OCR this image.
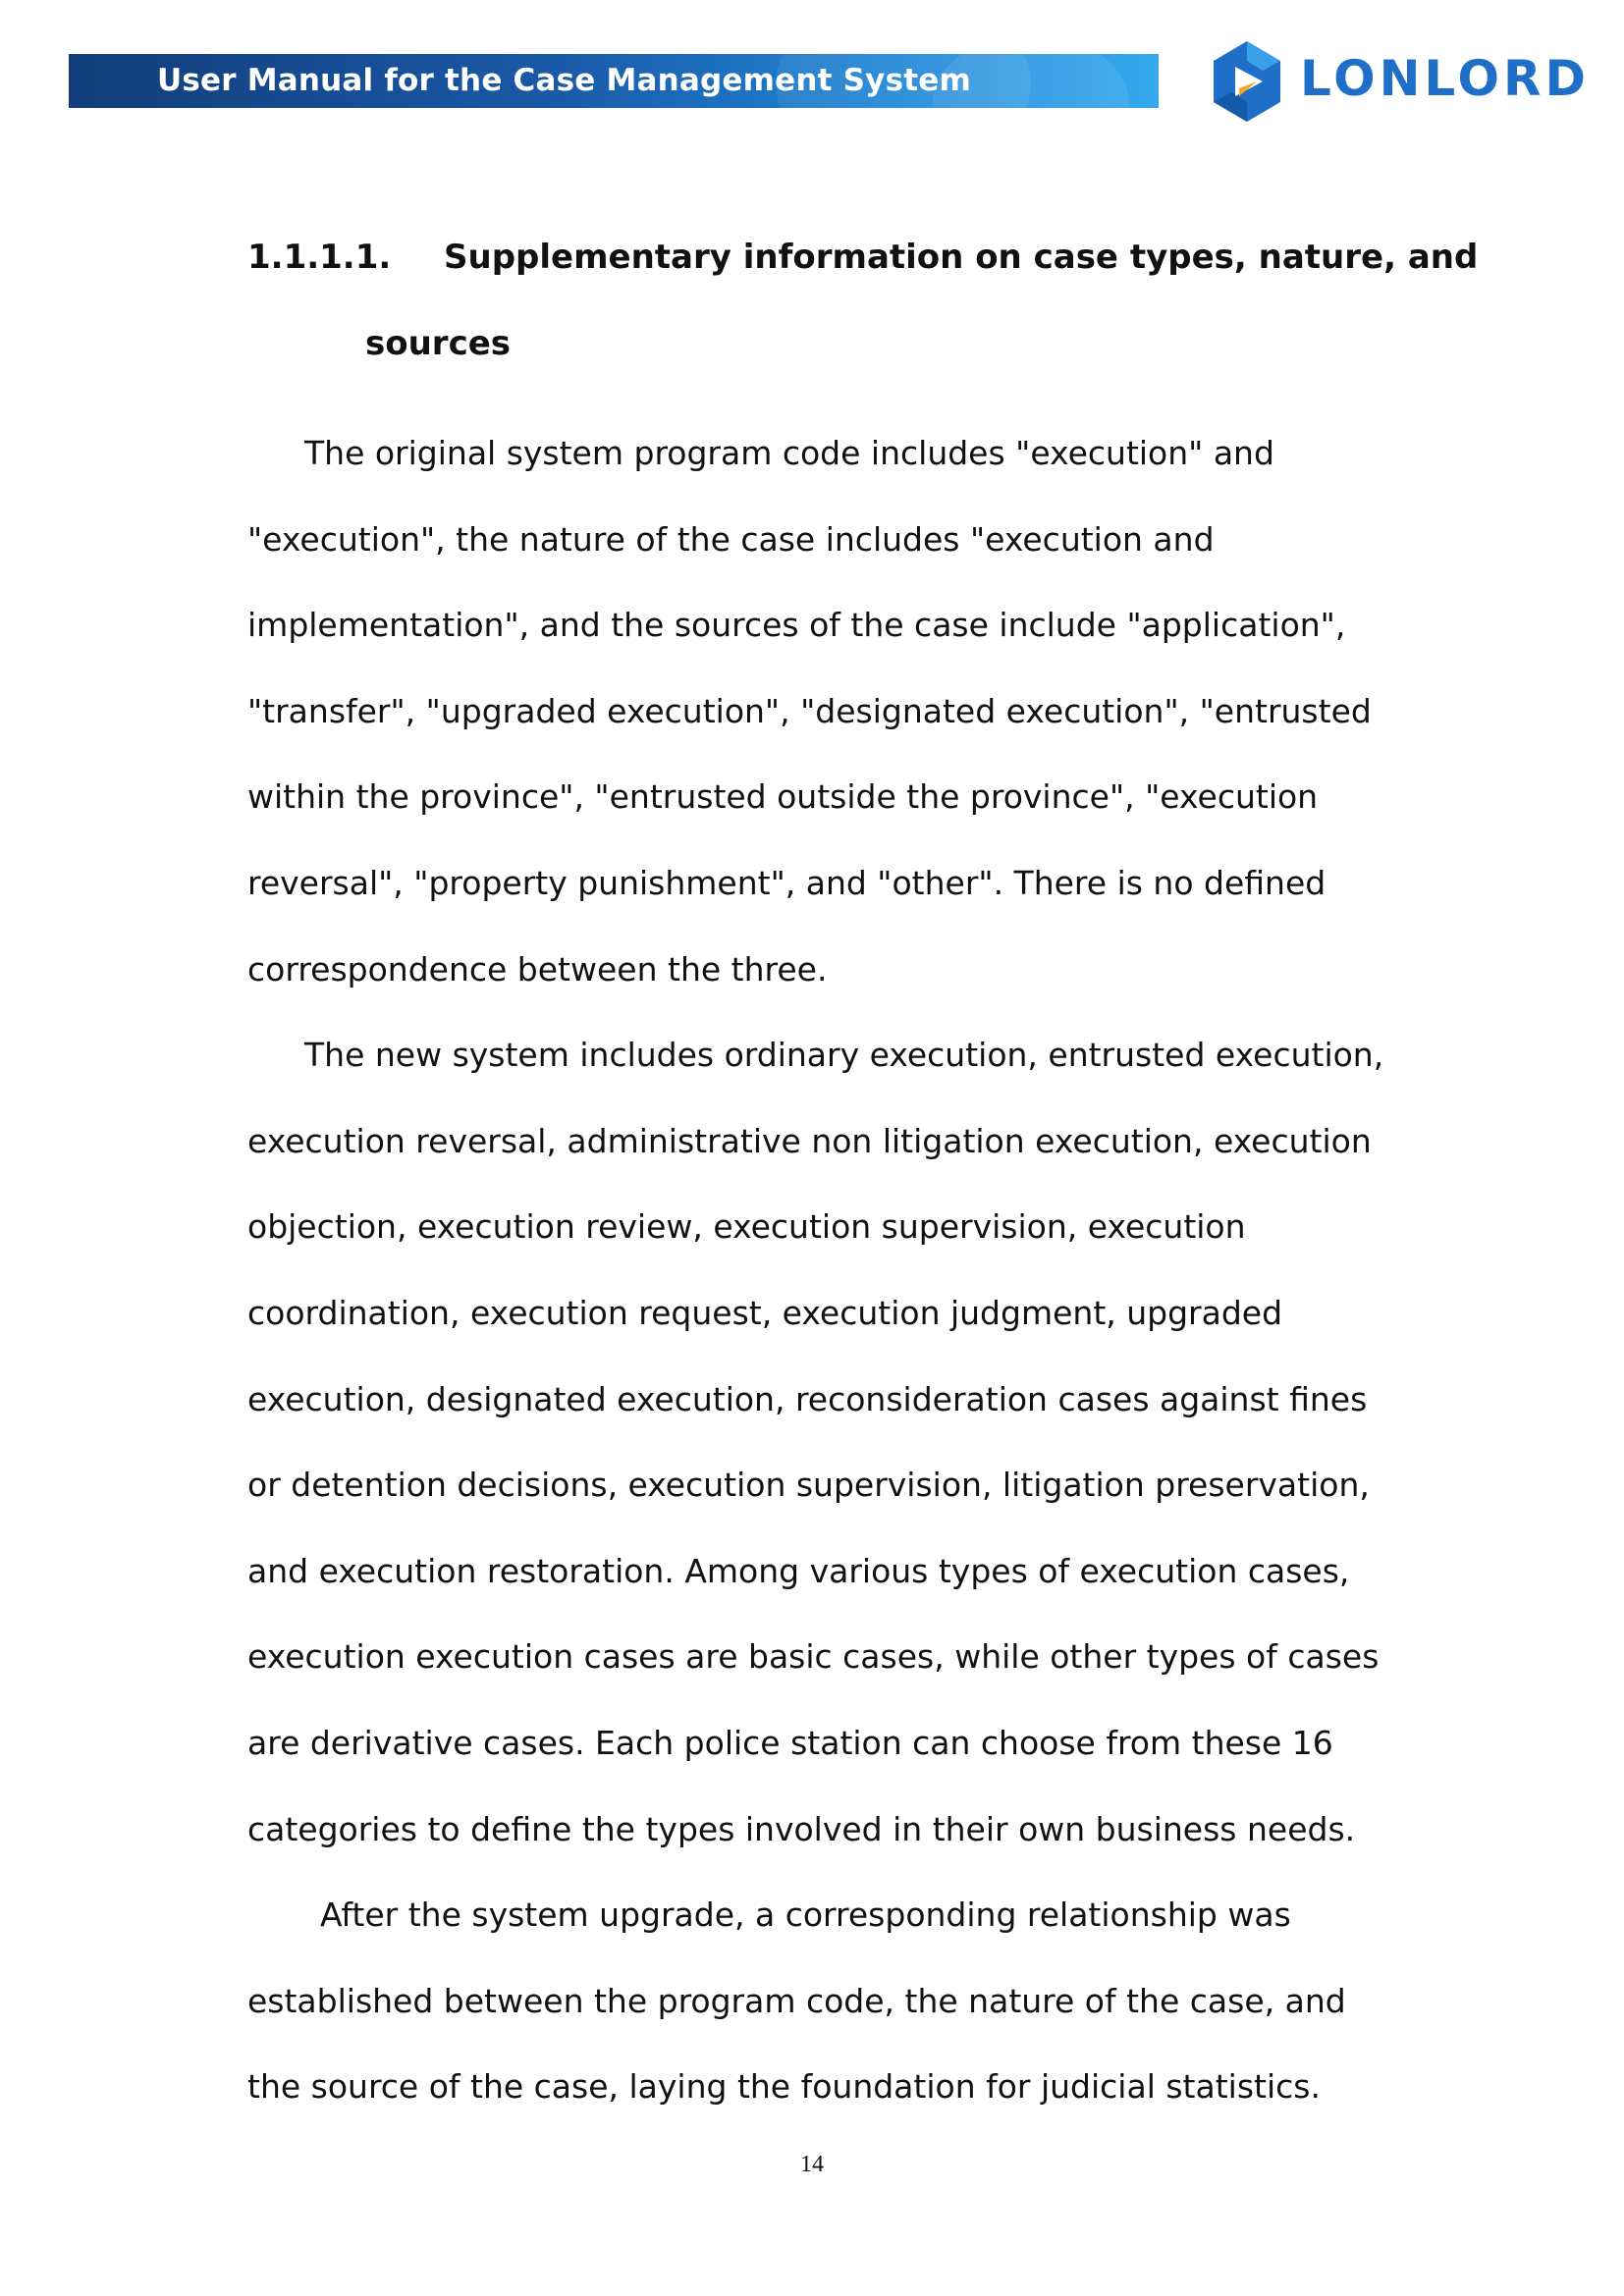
User Manual for the Case Management System	LONLORD
1.1.1.1. Supplementary information on case types, nature, and
sources

The original system program code includes "execution" and "execution", the nature of the case includes "execution and implementation", and the sources of the case include "application", "transfer", "upgraded execution", "designated execution", "entrusted within the province", "entrusted outside the province", "execution reversal", "property punishment", and "other". There is no defined correspondence between the three.

The new system includes ordinary execution, entrusted execution, execution reversal, administrative non litigation execution, execution objection, execution review, execution supervision, execution coordination, execution request, execution judgment, upgraded execution, designated execution, reconsideration cases against fines or detention decisions, execution supervision, litigation preservation, and execution restoration. Among various types of execution cases, execution execution cases are basic cases, while other types of cases are derivative cases. Each police station can choose from these 16 categories to define the types involved in their own business needs.

After the system upgrade, a corresponding relationship was established between the program code, the nature of the case, and the source of the case, laying the foundation for judicial statistics.

14
